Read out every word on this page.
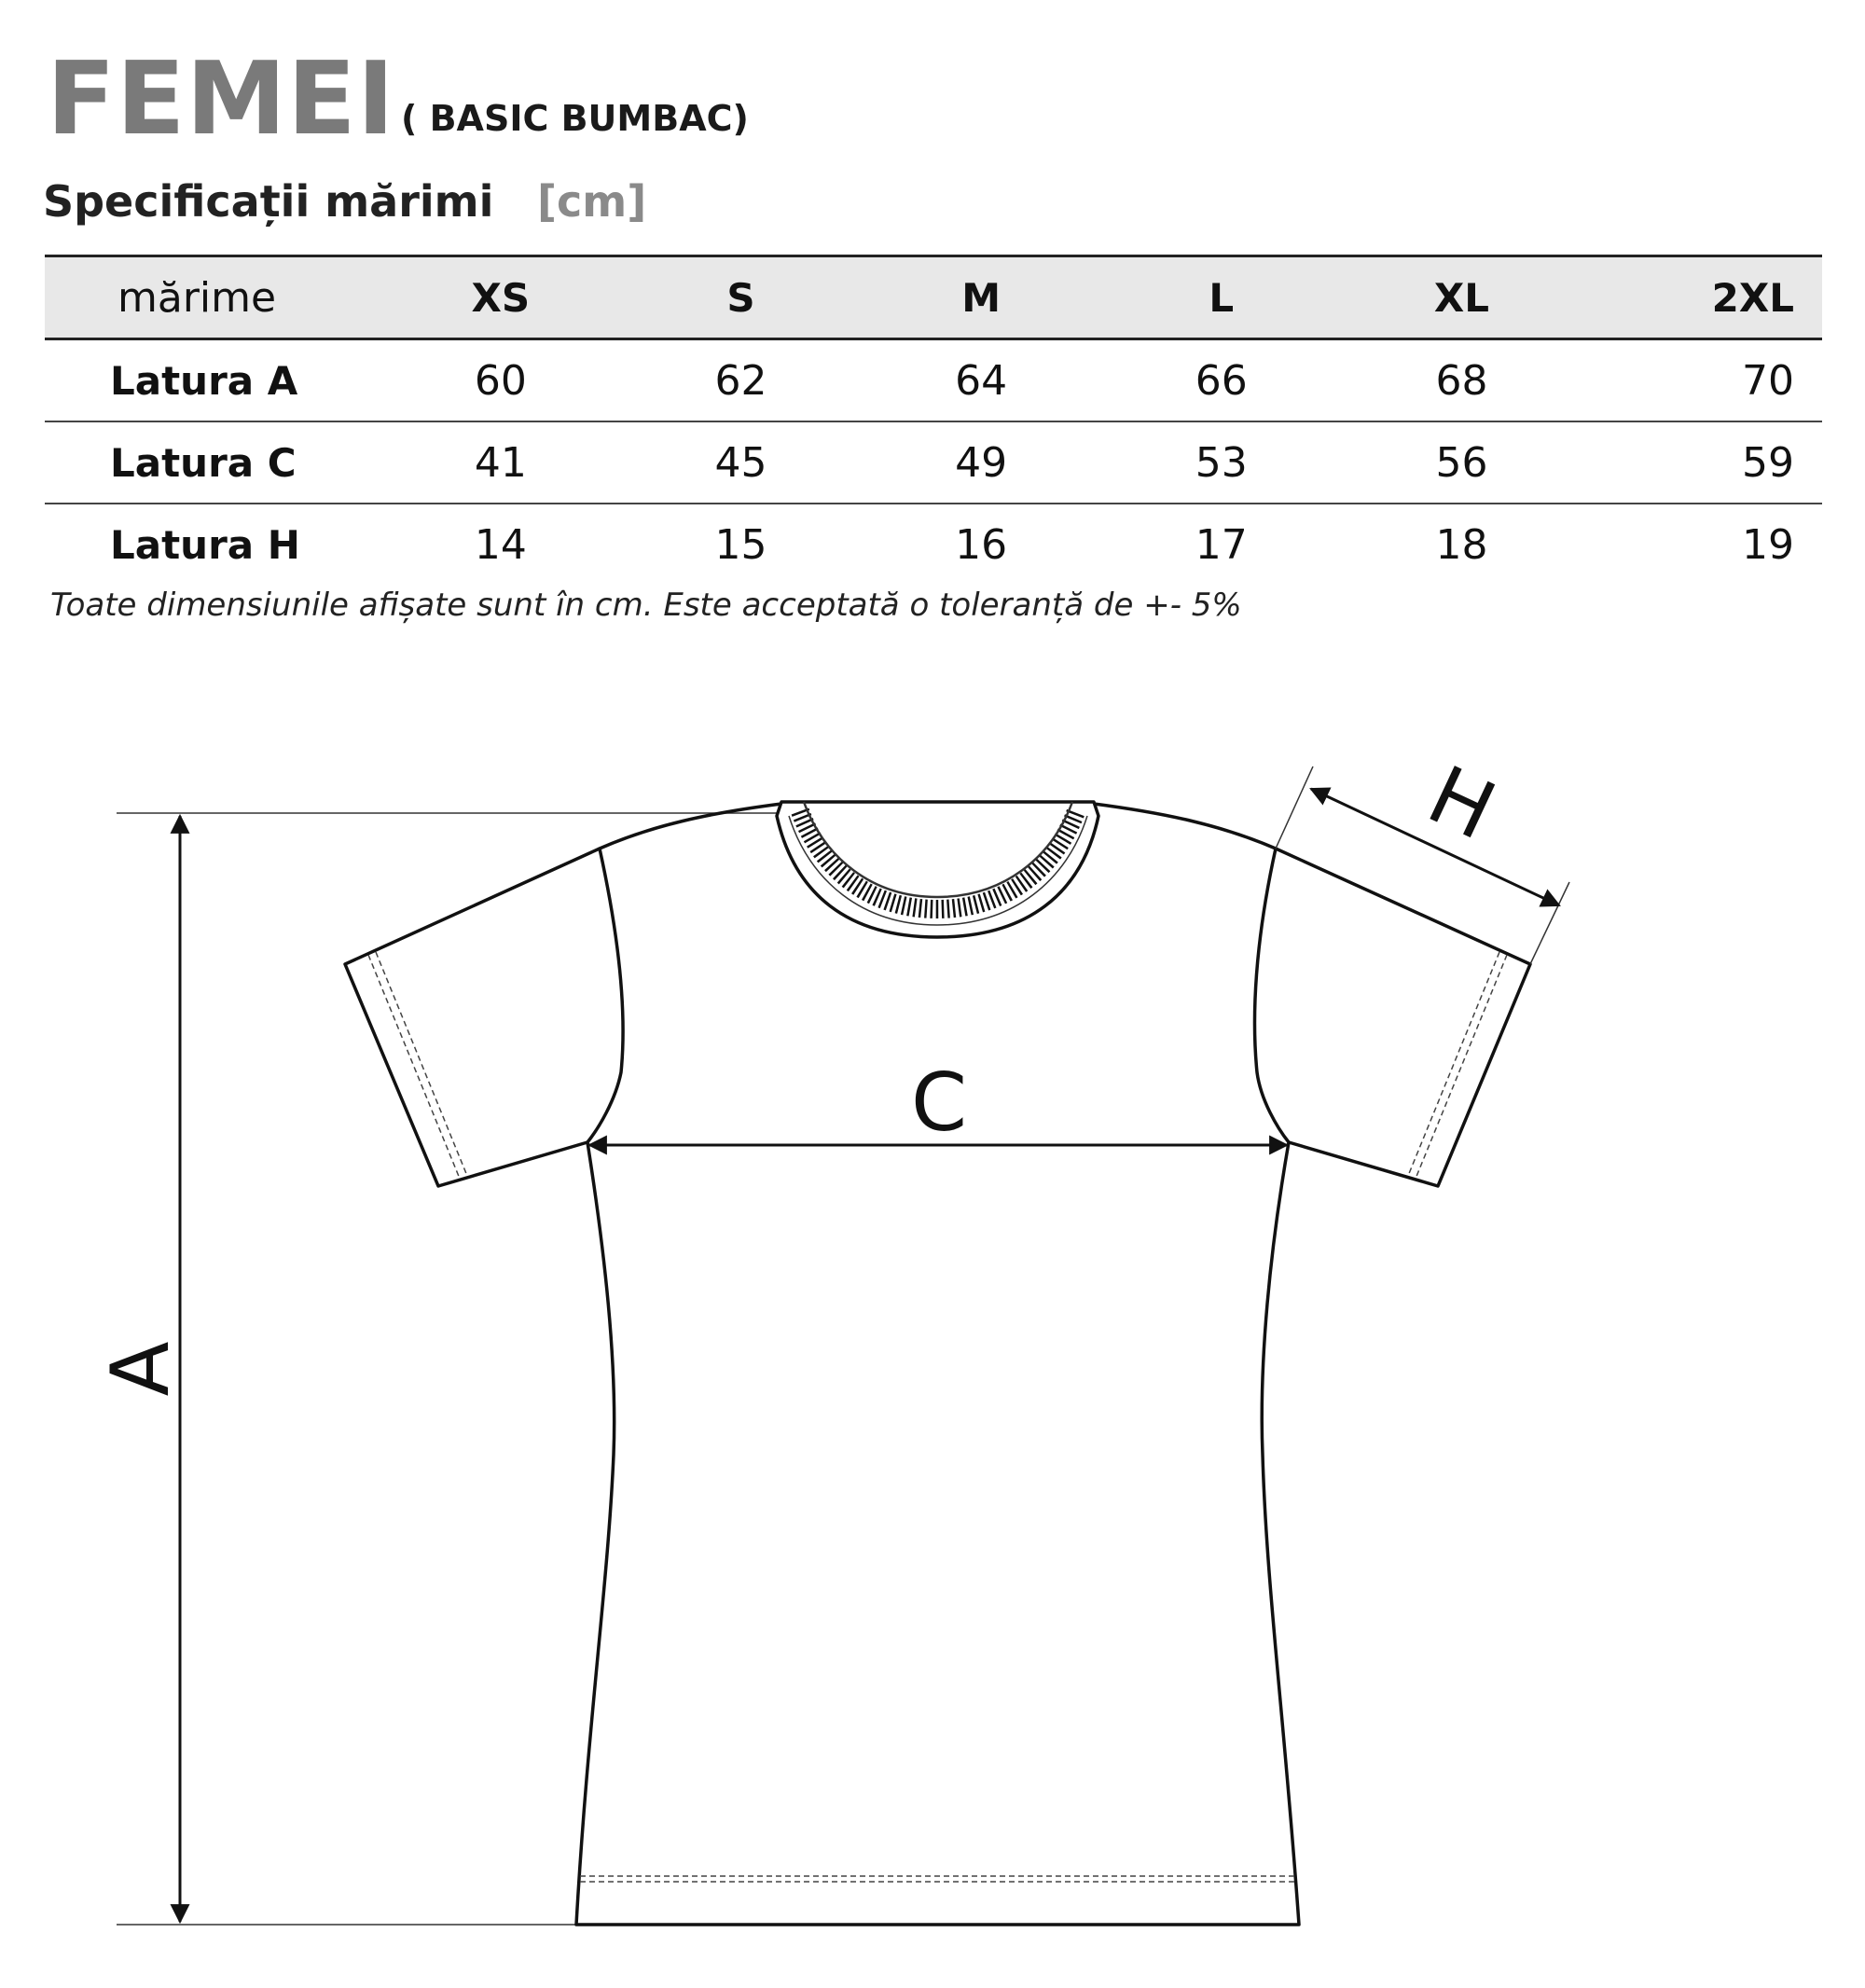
FEMEI ( BASIC BUMBAC)
Specificații mărimi [cm]
mărime	XS	S	M	L	XL	2XL
Latura A	60	62	64	66	68	70
Latura C	41	45	49	53	56	59
Latura H	14	15	16	17	18	19
Toate dimensiunile afișate sunt în cm. Este acceptată o toleranță de +- 5%
A
C
H
